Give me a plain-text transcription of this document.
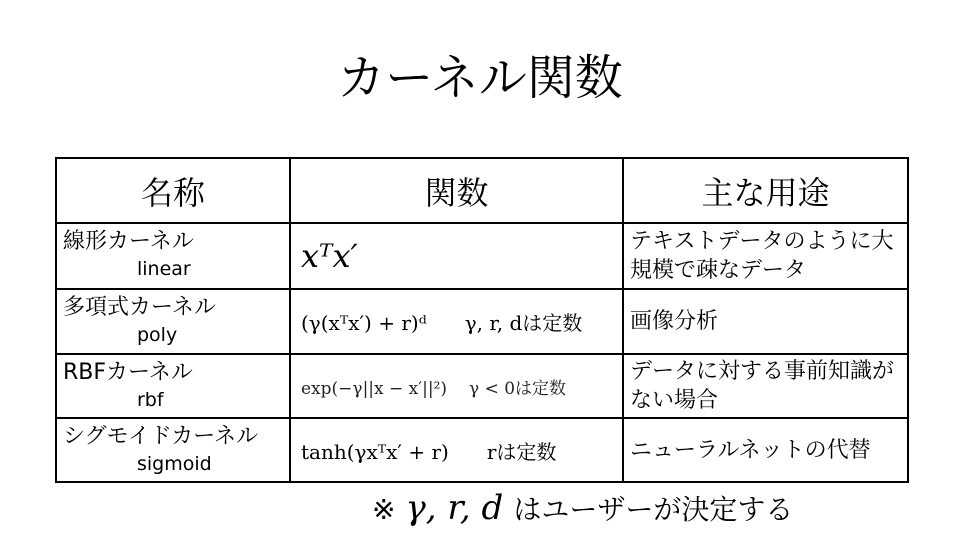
カーネル関数
名称	関数	主な用途

線形カーネル
linear	xᵀx′	テキストデータのように大規模で疎なデータ

多項式カーネル
poly	(γ(xᵀx′) + r)ᵈ γ, r, dは定数	画像分析

RBFカーネル
rbf	exp(−γ||x − x′||²) γ < 0は定数	データに対する事前知識がない場合

シグモイドカーネル
sigmoid	tanh(γxᵀx′ + r) rは定数	ニューラルネットの代替
※ γ, r, d はユーザーが決定する
